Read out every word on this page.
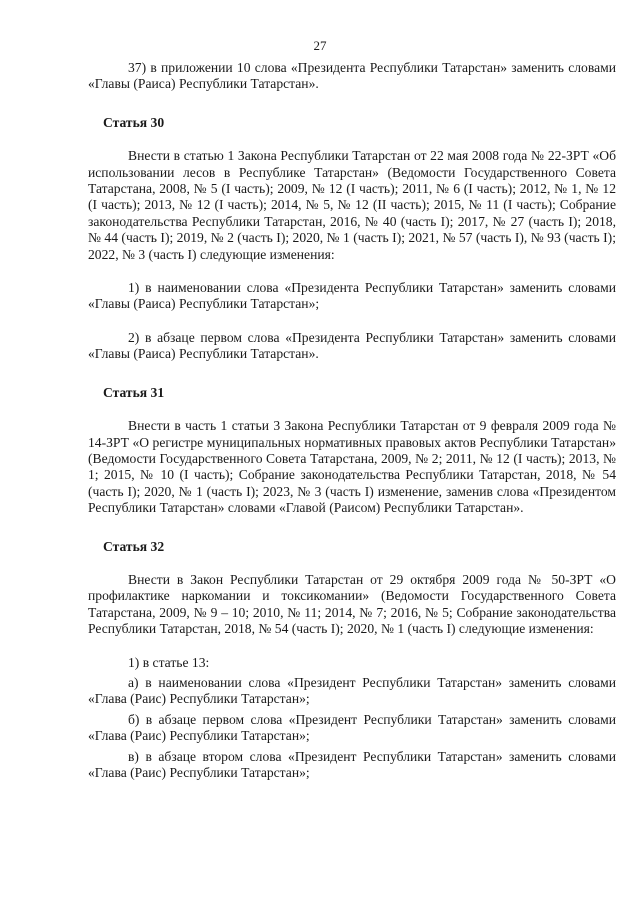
27

37) в приложении 10 слова «Президента Республики Татарстан» заменить словами «Главы (Раиса) Республики Татарстан».

Статья 30

Внести в статью 1 Закона Республики Татарстан от 22 мая 2008 года № 22-ЗРТ «Об использовании лесов в Республике Татарстан» (Ведомости Государственного Совета Татарстана, 2008, № 5 (I часть); 2009, № 12 (I часть); 2011, № 6 (I часть); 2012, № 1, № 12 (I часть); 2013, № 12 (I часть); 2014, № 5, № 12 (II часть); 2015, № 11 (I часть); Собрание законодательства Республики Татарстан, 2016, № 40 (часть I); 2017, № 27 (часть I); 2018, № 44 (часть I); 2019, № 2 (часть I); 2020, № 1 (часть I); 2021, № 57 (часть I), № 93 (часть I); 2022, № 3 (часть I) следующие изменения:

1) в наименовании слова «Президента Республики Татарстан» заменить словами «Главы (Раиса) Республики Татарстан»;

2) в абзаце первом слова «Президента Республики Татарстан» заменить словами «Главы (Раиса) Республики Татарстан».

Статья 31

Внести в часть 1 статьи 3 Закона Республики Татарстан от 9 февраля 2009 года № 14-ЗРТ «О регистре муниципальных нормативных правовых актов Республики Татарстан» (Ведомости Государственного Совета Татарстана, 2009, № 2; 2011, № 12 (I часть); 2013, № 1; 2015, № 10 (I часть); Собрание законодательства Республики Татарстан, 2018, № 54 (часть I); 2020, № 1 (часть I); 2023, № 3 (часть I) изменение, заменив слова «Президентом Республики Татарстан» словами «Главой (Раисом) Республики Татарстан».

Статья 32

Внести в Закон Республики Татарстан от 29 октября 2009 года № 50-ЗРТ «О профилактике наркомании и токсикомании» (Ведомости Государственного Совета Татарстана, 2009, № 9 – 10; 2010, № 11; 2014, № 7; 2016, № 5; Собрание законодательства Республики Татарстан, 2018, № 54 (часть I); 2020, № 1 (часть I) следующие изменения:

1) в статье 13:

а) в наименовании слова «Президент Республики Татарстан» заменить словами «Глава (Раис) Республики Татарстан»;

б) в абзаце первом слова «Президент Республики Татарстан» заменить словами «Глава (Раис) Республики Татарстан»;

в) в абзаце втором слова «Президент Республики Татарстан» заменить словами «Глава (Раис) Республики Татарстан»;
